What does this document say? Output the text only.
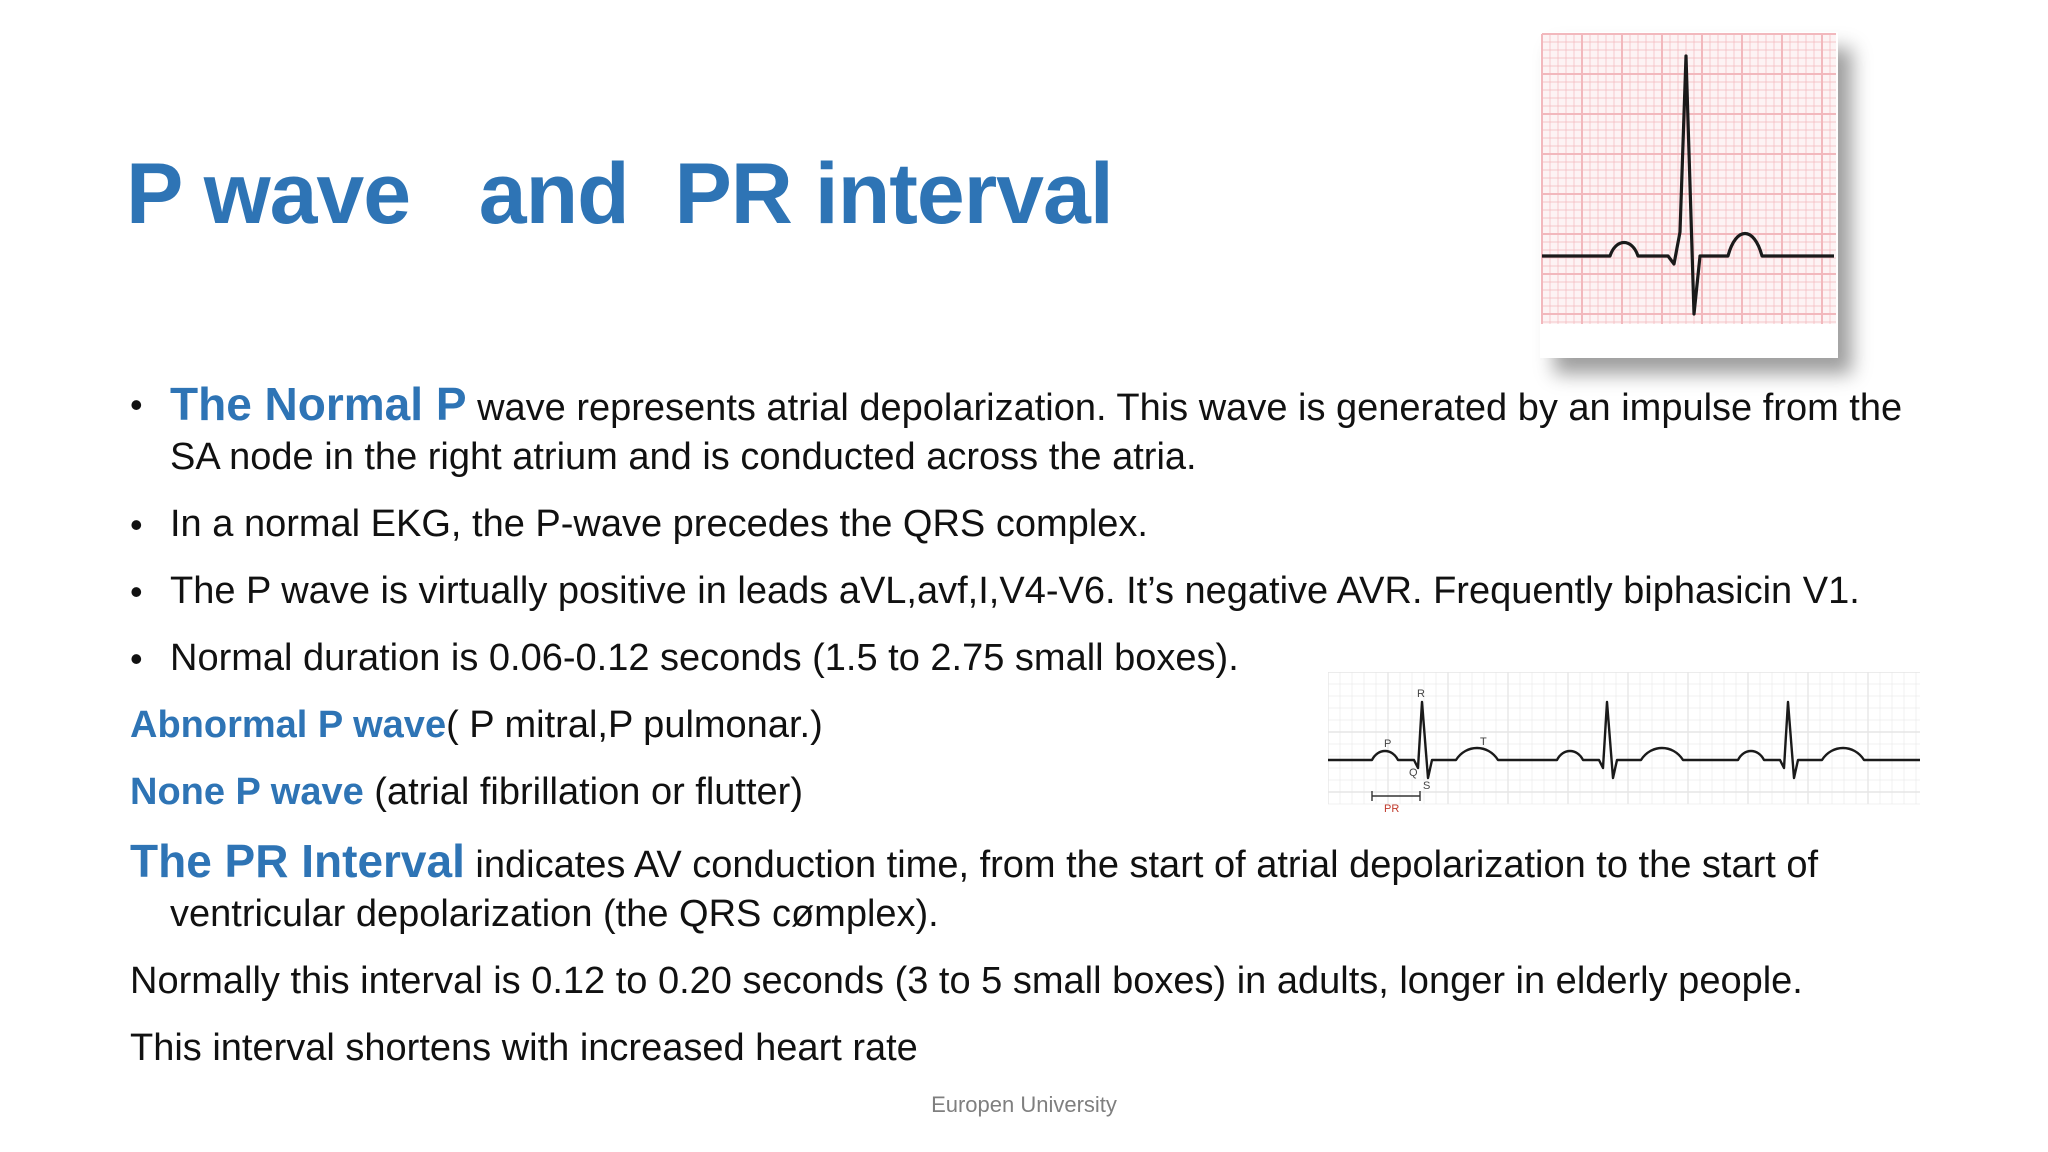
P wave   and  PR interval
R
P	T
Q
S
PR

• The Normal P wave represents atrial depolarization. This wave is generated by an impulse from the SA node in the right atrium and is conducted across the atria.

• In a normal EKG, the P-wave precedes the QRS complex.

• The P wave is virtually positive in leads aVL,avf,I,V4-V6. It’s negative AVR. Frequently biphasicin V1.

• Normal duration is 0.06-0.12 seconds (1.5 to 2.75 small boxes).

Abnormal P wave( P mitral,P pulmonar.)

None P wave (atrial fibrillation or flutter)

The PR Interval indicates AV conduction time, from the start of atrial depolarization to the start of ventricular depolarization (the QRS cømplex).

Normally this interval is 0.12 to 0.20 seconds (3 to 5 small boxes) in adults, longer in elderly people.

This interval shortens with increased heart rate

Europen University
